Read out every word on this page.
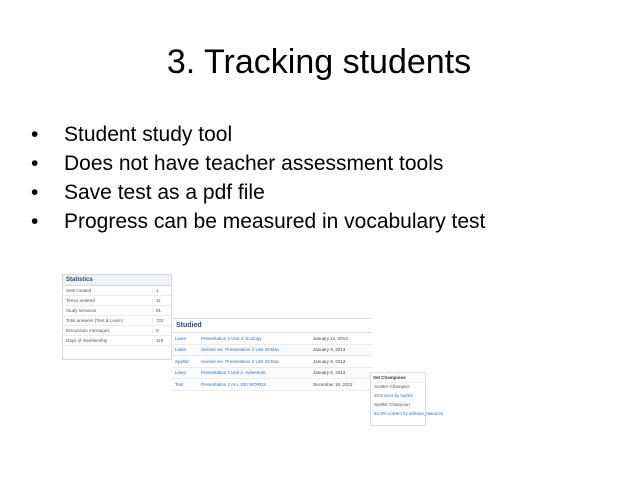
3. Tracking students
• Student study tool
• Does not have teacher assessment tools
• Save test as a pdf file
• Progress can be measured in vocabulary test
Statistics
Sets created	1
Terms entered	11
Study sessions	91
Total answers (Test & Learn)	722
Discussion messages	0
Days of membership	118
Studied
Learn	Presentation 2 Unit 4: Ecology	January 14, 2013
Learn	revised ver. Presentation 2 Unit 20 Ban	January 9, 2013
Spellar	revised ver. Presentation 2 Unit 20 Ban	January 9, 2013
Learn	Presentation 2 Unit 1: Adventure	January 9, 2013
Test	Presentation 2 ALL 100 WORDS	December 18, 2012
Set Champions
Scatter Champion
28.8 secs by hy204
Spellar Champion
82.9% correct by sahana_takeuchi
